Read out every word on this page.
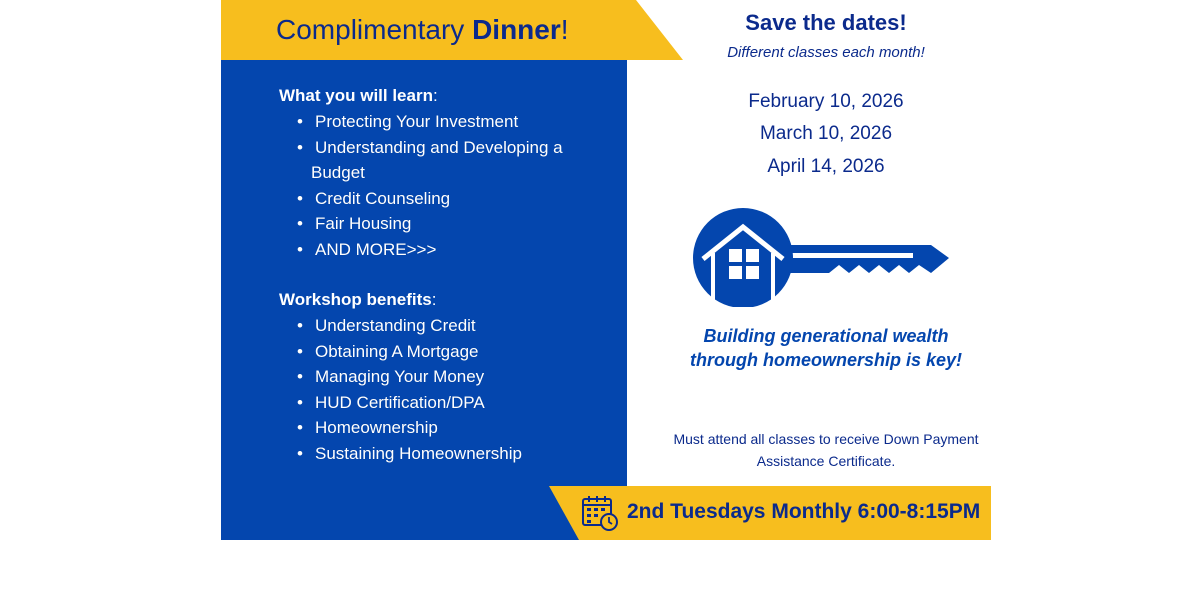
Complimentary Dinner!
What you will learn:
• Protecting Your Investment
• Understanding and Developing a
Budget
• Credit Counseling
• Fair Housing
• AND MORE>>>
Workshop benefits:
• Understanding Credit
• Obtaining A Mortgage
• Managing Your Money
• HUD Certification/DPA
• Homeownership
• Sustaining Homeownership
Save the dates!
Different classes each month!
February 10, 2026
March 10, 2026
April 14, 2026
Building generational wealth
through homeownership is key!
Must attend all classes to receive Down Payment
Assistance Certificate.
2nd Tuesdays Monthly 6:00-8:15PM
